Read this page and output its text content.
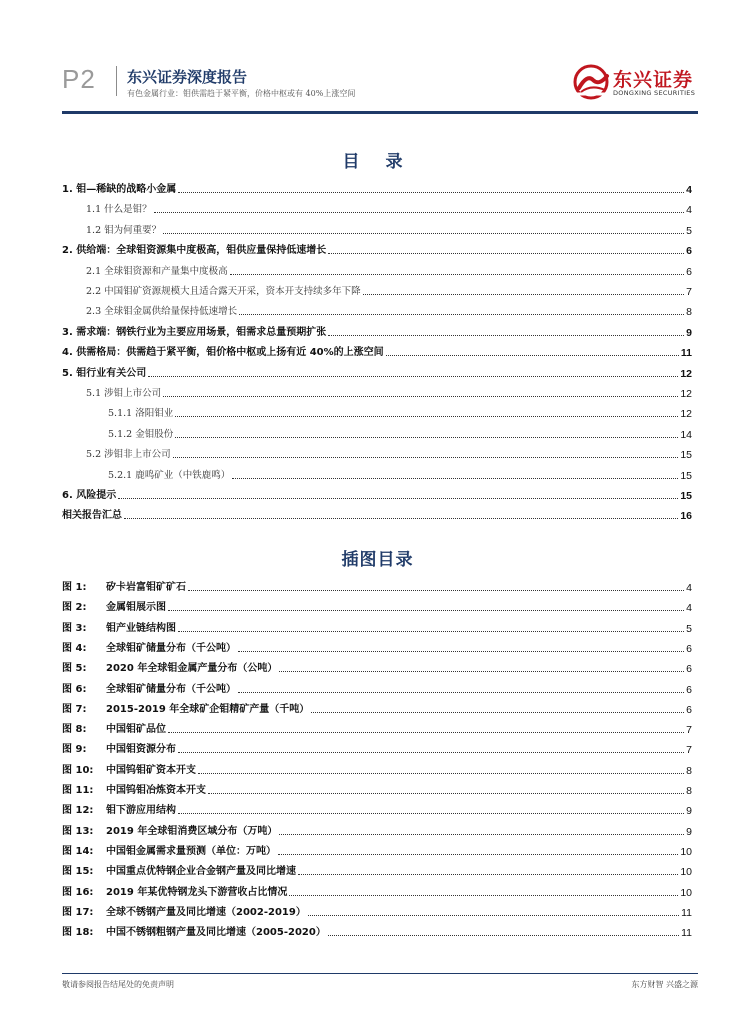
P2 东兴证券深度报告
有色金属行业：钼供需趋于紧平衡，价格中枢或有 40%上涨空间
东兴证券
DONGXING SECURITIES
目 录
1. 钼—稀缺的战略小金属	4
1.1 什么是钼？	4
1.2 钼为何重要？	5
2. 供给端：全球钼资源集中度极高，钼供应量保持低速增长	6
2.1 全球钼资源和产量集中度极高	6
2.2 中国钼矿资源规模大且适合露天开采，资本开支持续多年下降	7
2.3 全球钼金属供给量保持低速增长	8
3. 需求端：钢铁行业为主要应用场景，钼需求总量预期扩张	9
4. 供需格局：供需趋于紧平衡，钼价格中枢或上扬有近 40%的上涨空间	11
5. 钼行业有关公司	12
5.1 涉钼上市公司	12
5.1.1 洛阳钼业	12
5.1.2 金钼股份	14
5.2 涉钼非上市公司	15
5.2.1 鹿鸣矿业（中铁鹿鸣）	15
6. 风险提示	15
相关报告汇总	16
插图目录
图 1:	矽卡岩富钼矿矿石	4
图 2:	金属钼展示图	4
图 3:	钼产业链结构图	5
图 4:	全球钼矿储量分布（千公吨）	6
图 5:	2020 年全球钼金属产量分布（公吨）	6
图 6:	全球钼矿储量分布（千公吨）	6
图 7:	2015-2019 年全球矿企钼精矿产量（千吨）	6
图 8:	中国钼矿品位	7
图 9:	中国钼资源分布	7
图 10:	中国钨钼矿资本开支	8
图 11:	中国钨钼冶炼资本开支	8
图 12:	钼下游应用结构	9
图 13:	2019 年全球钼消费区域分布（万吨）	9
图 14:	中国钼金属需求量预测（单位：万吨）	10
图 15:	中国重点优特钢企业合金钢产量及同比增速	10
图 16:	2019 年某优特钢龙头下游营收占比情况	10
图 17:	全球不锈钢产量及同比增速（2002-2019）	11
图 18:	中国不锈钢粗钢产量及同比增速（2005-2020）	11
敬请参阅报告结尾处的免责声明	东方财智 兴盛之源
